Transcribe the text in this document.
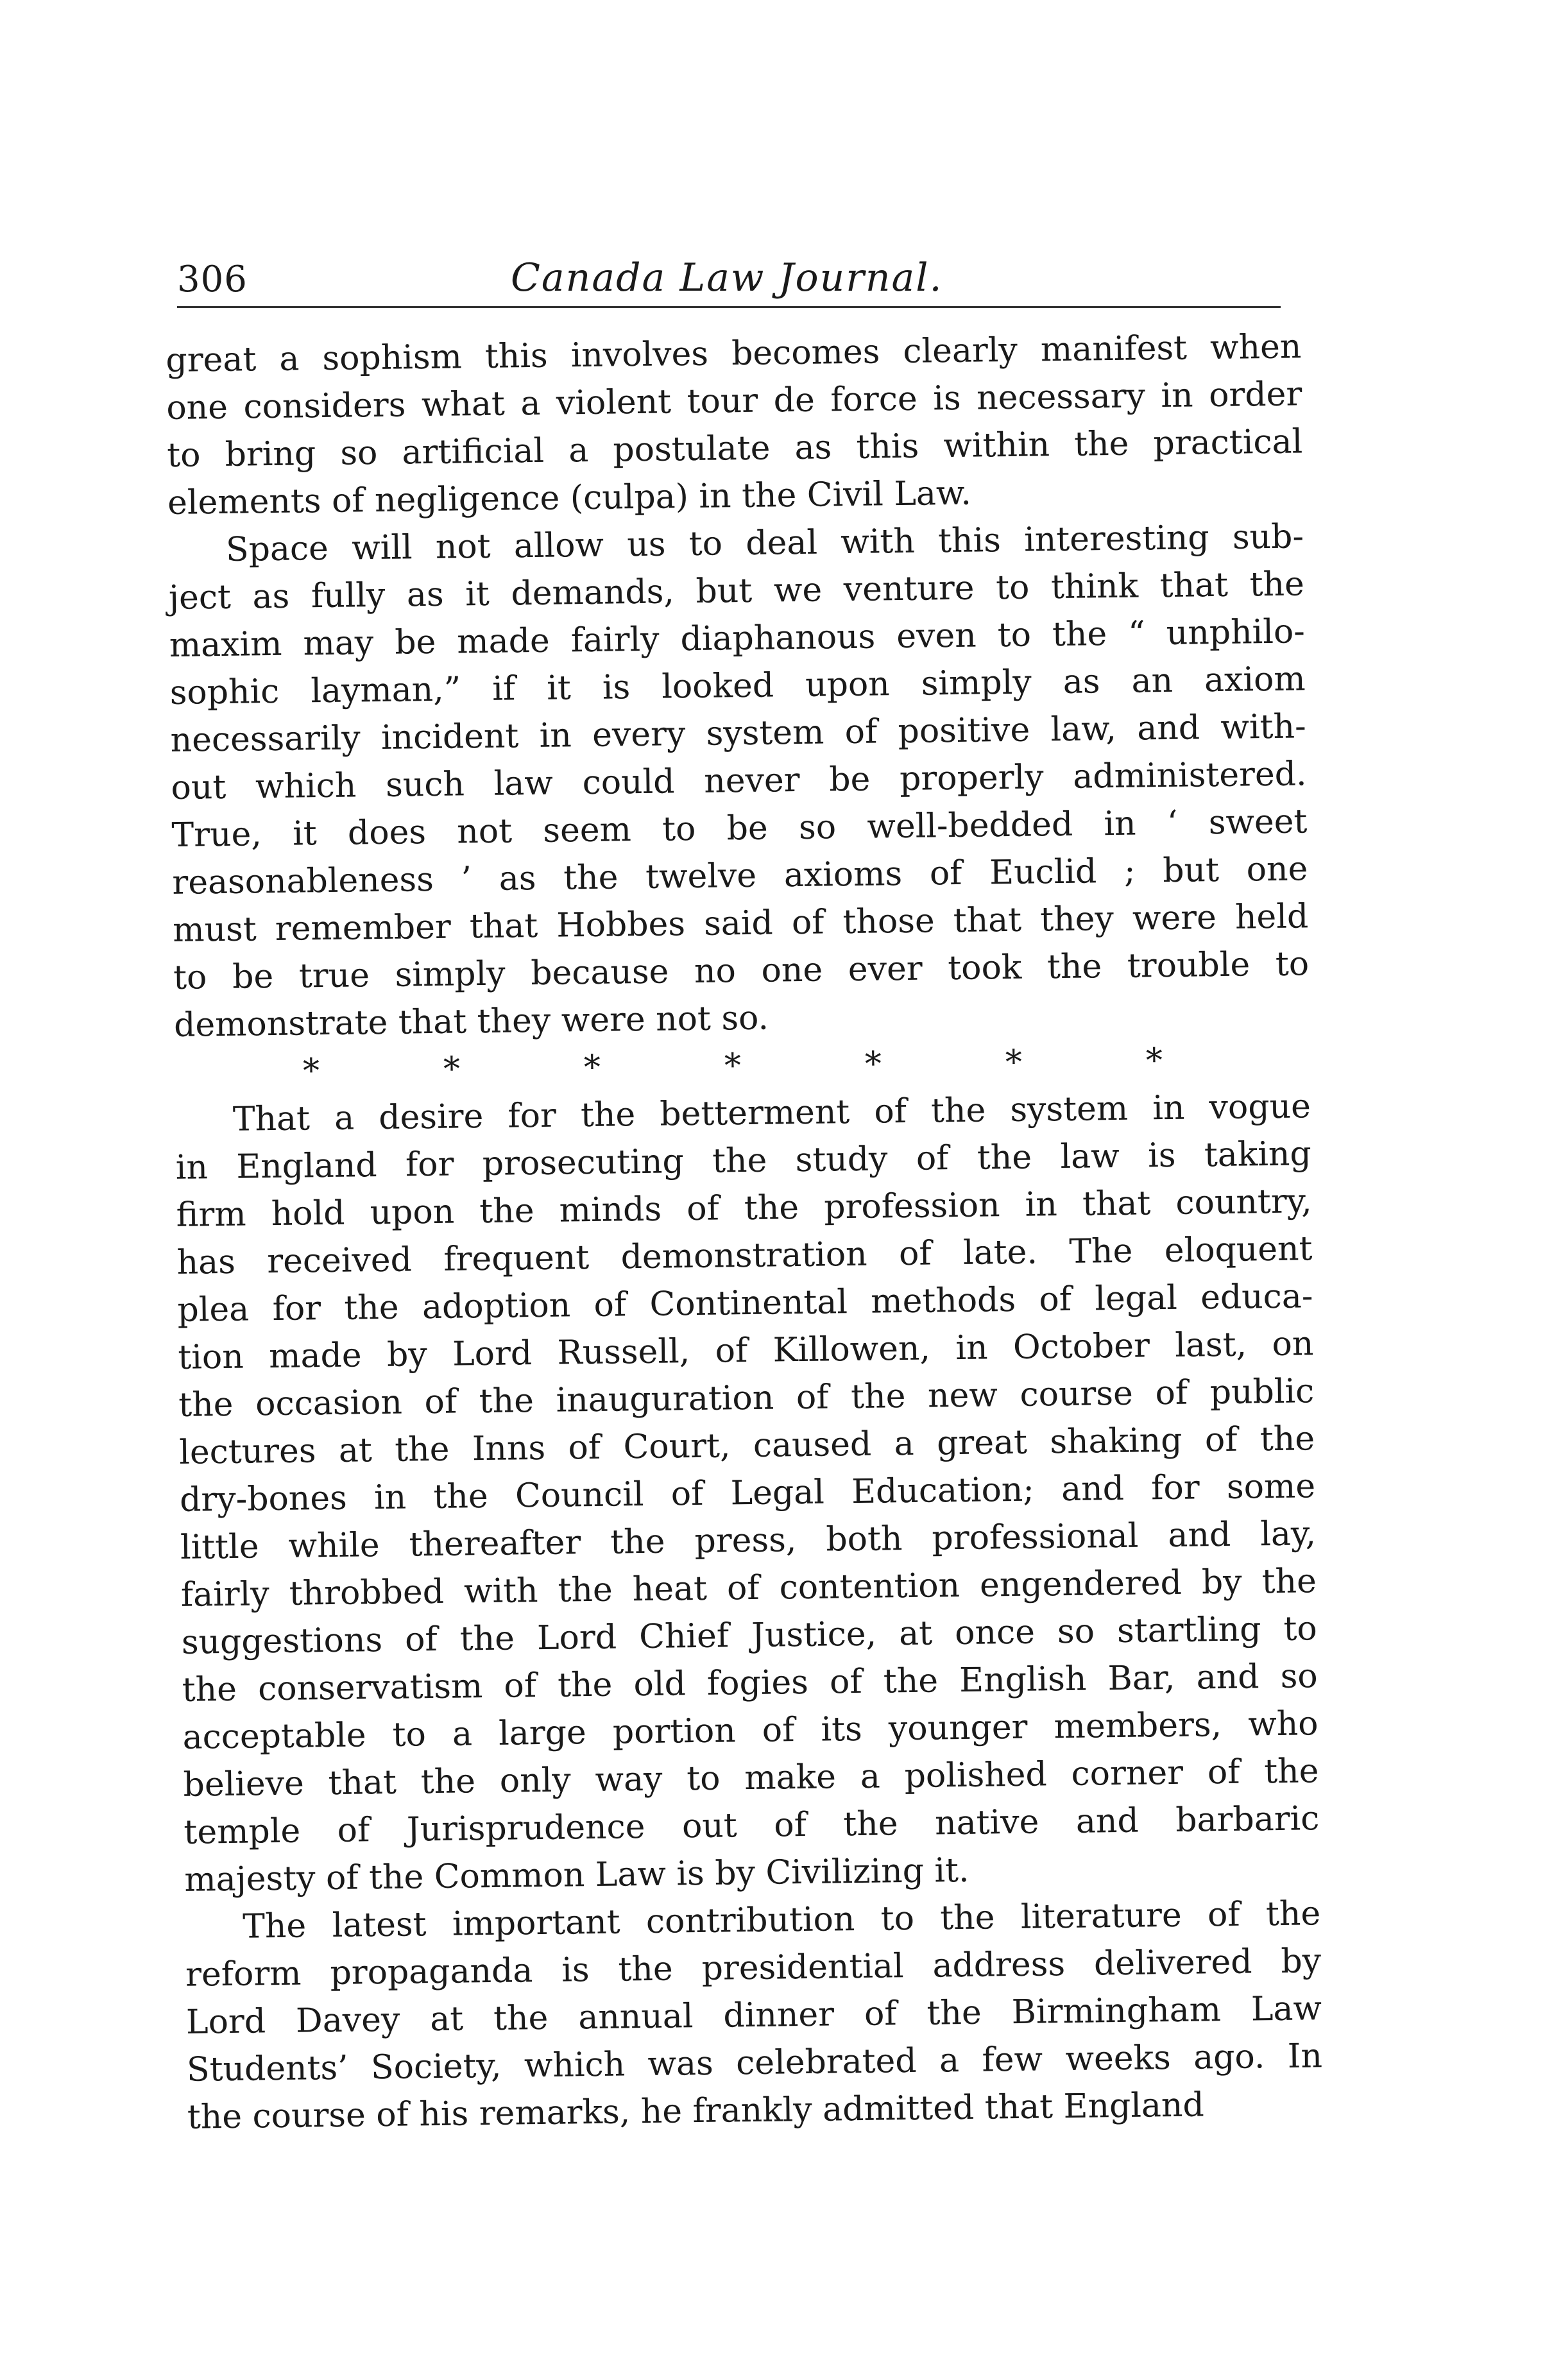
306	Canada Law Journal.
great a sophism this involves becomes clearly manifest when
one considers what a violent tour de force is necessary in order
to bring so artificial a postulate as this within the practical
elements of negligence (culpa) in the Civil Law.
Space will not allow us to deal with this interesting sub-
ject as fully as it demands, but we venture to think that the
maxim may be made fairly diaphanous even to the “ unphilo-
sophic layman,” if it is looked upon simply as an axiom
necessarily incident in every system of positive law, and with-
out which such law could never be properly administered.
True, it does not seem to be so well-bedded in ‘ sweet
reasonableness ’ as the twelve axioms of Euclid ; but one
must remember that Hobbes said of those that they were held
to be true simply because no one ever took the trouble to
demonstrate that they were not so.
*	*	*	*	*	*	*
That a desire for the betterment of the system in vogue
in England for prosecuting the study of the law is taking
firm hold upon the minds of the profession in that country,
has received frequent demonstration of late. The eloquent
plea for the adoption of Continental methods of legal educa-
tion made by Lord Russell, of Killowen, in October last, on
the occasion of the inauguration of the new course of public
lectures at the Inns of Court, caused a great shaking of the
dry-bones in the Council of Legal Education; and for some
little while thereafter the press, both professional and lay,
fairly throbbed with the heat of contention engendered by the
suggestions of the Lord Chief Justice, at once so startling to
the conservatism of the old fogies of the English Bar, and so
acceptable to a large portion of its younger members, who
believe that the only way to make a polished corner of the
temple of Jurisprudence out of the native and barbaric
majesty of the Common Law is by Civilizing it.
The latest important contribution to the literature of the
reform propaganda is the presidential address delivered by
Lord Davey at the annual dinner of the Birmingham Law
Students’ Society, which was celebrated a few weeks ago. In
the course of his remarks, he frankly admitted that England
